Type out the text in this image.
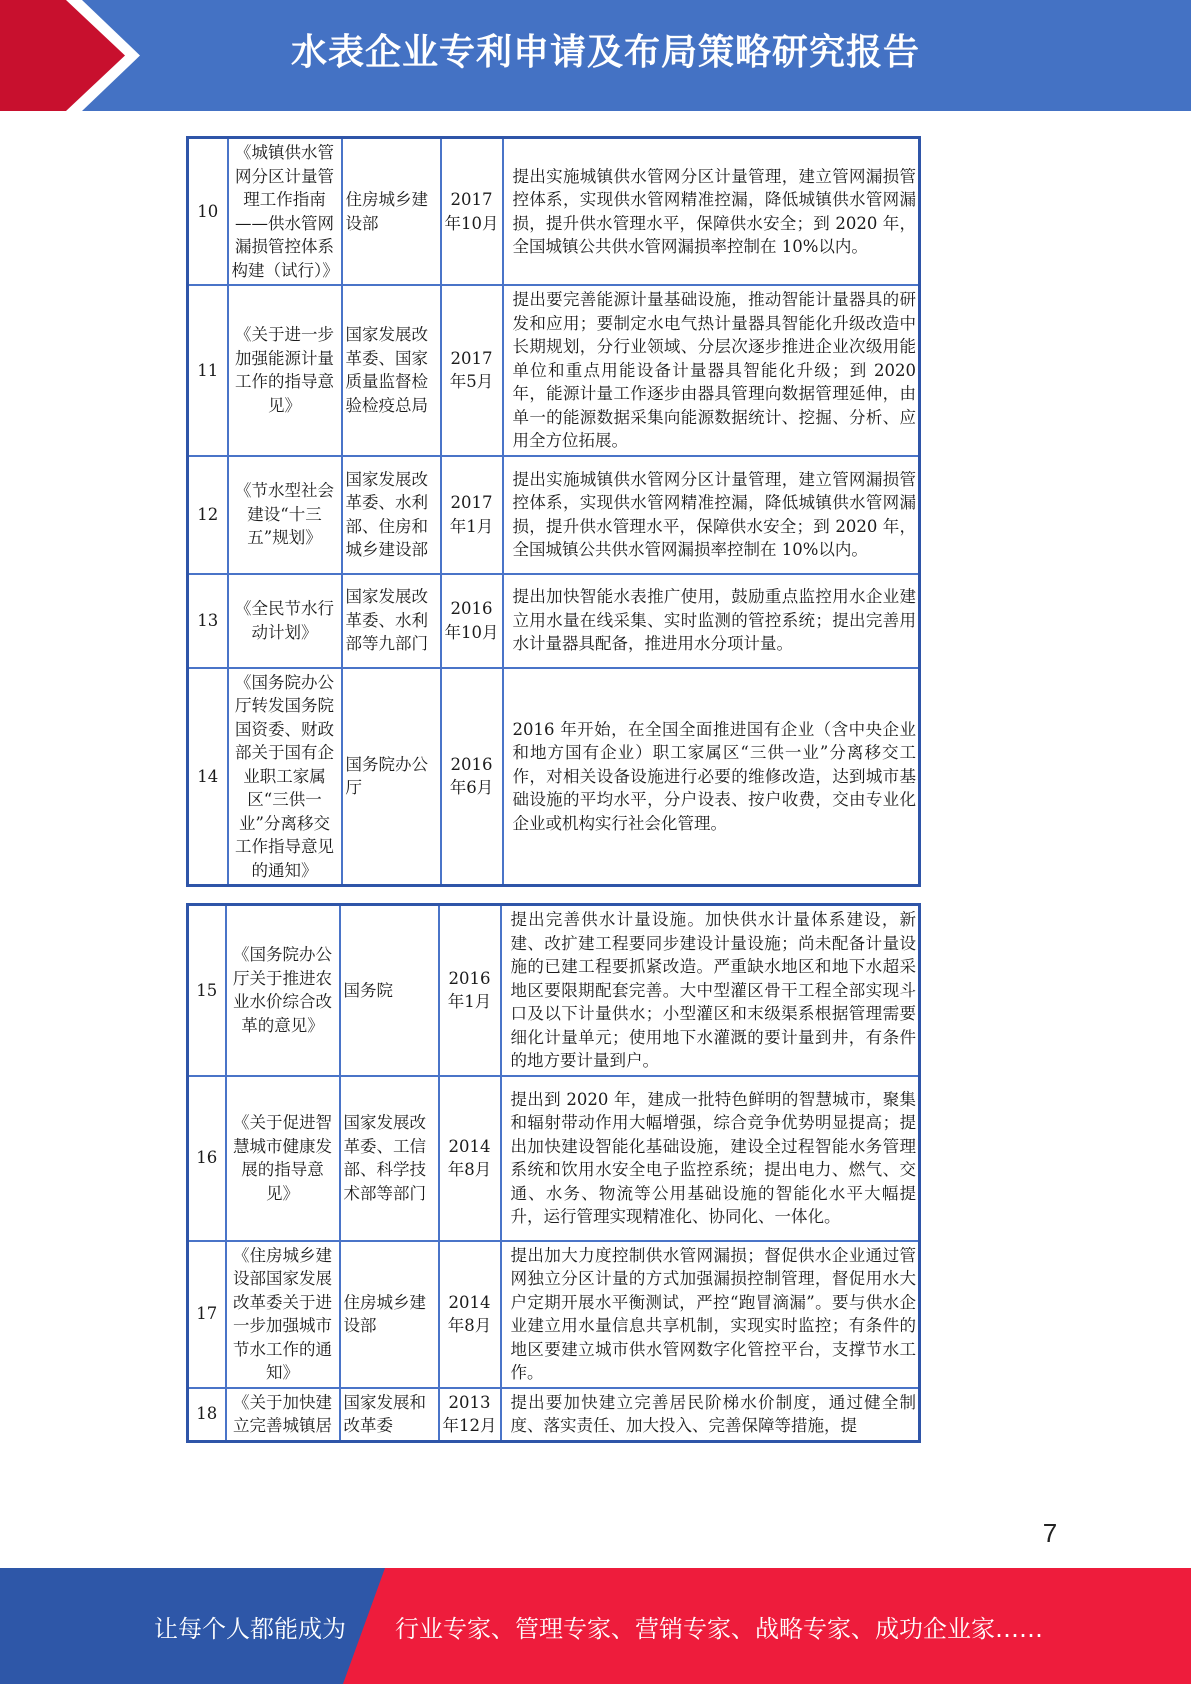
水表企业专利申请及布局策略研究报告
10	《城镇供水管网分区计量管理工作指南——供水管网漏损管控体系构建（试行）》	住房城乡建设部	2017年10月	提出实施城镇供水管网分区计量管理，建立管网漏损管控体系，实现供水管网精准控漏，降低城镇供水管网漏损，提升供水管理水平，保障供水安全；到 2020 年，全国城镇公共供水管网漏损率控制在 10%以内。
11	《关于进一步加强能源计量工作的指导意见》	国家发展改革委、国家质量监督检验检疫总局	2017年5月	提出要完善能源计量基础设施，推动智能计量器具的研发和应用；要制定水电气热计量器具智能化升级改造中长期规划，分行业领域、分层次逐步推进企业次级用能单位和重点用能设备计量器具智能化升级；到 2020 年，能源计量工作逐步由器具管理向数据管理延伸，由单一的能源数据采集向能源数据统计、挖掘、分析、应用全方位拓展。
12	《节水型社会建设“十三五”规划》	国家发展改革委、水利部、住房和城乡建设部	2017年1月	提出实施城镇供水管网分区计量管理，建立管网漏损管控体系，实现供水管网精准控漏，降低城镇供水管网漏损，提升供水管理水平，保障供水安全；到 2020 年，全国城镇公共供水管网漏损率控制在 10%以内。
13	《全民节水行动计划》	国家发展改革委、水利部等九部门	2016年10月	提出加快智能水表推广使用，鼓励重点监控用水企业建立用水量在线采集、实时监测的管控系统；提出完善用水计量器具配备，推进用水分项计量。
14	《国务院办公厅转发国务院国资委、财政部关于国有企业职工家属区“三供一业”分离移交工作指导意见的通知》	国务院办公厅	2016年6月	2016 年开始，在全国全面推进国有企业（含中央企业和地方国有企业）职工家属区“三供一业”分离移交工作，对相关设备设施进行必要的维修改造，达到城市基础设施的平均水平，分户设表、按户收费，交由专业化企业或机构实行社会化管理。
15	《国务院办公厅关于推进农业水价综合改革的意见》	国务院	2016年1月	提出完善供水计量设施。加快供水计量体系建设，新建、改扩建工程要同步建设计量设施；尚未配备计量设施的已建工程要抓紧改造。严重缺水地区和地下水超采地区要限期配套完善。大中型灌区骨干工程全部实现斗口及以下计量供水；小型灌区和末级渠系根据管理需要细化计量单元；使用地下水灌溉的要计量到井，有条件的地方要计量到户。
16	《关于促进智慧城市健康发展的指导意见》	国家发展改革委、工信部、科学技术部等部门	2014年8月	提出到 2020 年，建成一批特色鲜明的智慧城市，聚集和辐射带动作用大幅增强，综合竞争优势明显提高；提出加快建设智能化基础设施，建设全过程智能水务管理系统和饮用水安全电子监控系统；提出电力、燃气、交通、水务、物流等公用基础设施的智能化水平大幅提升，运行管理实现精准化、协同化、一体化。
17	《住房城乡建设部国家发展改革委关于进一步加强城市节水工作的通知》	住房城乡建设部	2014年8月	提出加大力度控制供水管网漏损；督促供水企业通过管网独立分区计量的方式加强漏损控制管理，督促用水大户定期开展水平衡测试，严控“跑冒滴漏”。要与供水企业建立用水量信息共享机制，实现实时监控；有条件的地区要建立城市供水管网数字化管控平台，支撑节水工作。
18	《关于加快建立完善城镇居	国家发展和改革委	2013年12月	提出要加快建立完善居民阶梯水价制度，通过健全制度、落实责任、加大投入、完善保障等措施，提
7
让每个人都能成为	行业专家、管理专家、营销专家、战略专家、成功企业家……
